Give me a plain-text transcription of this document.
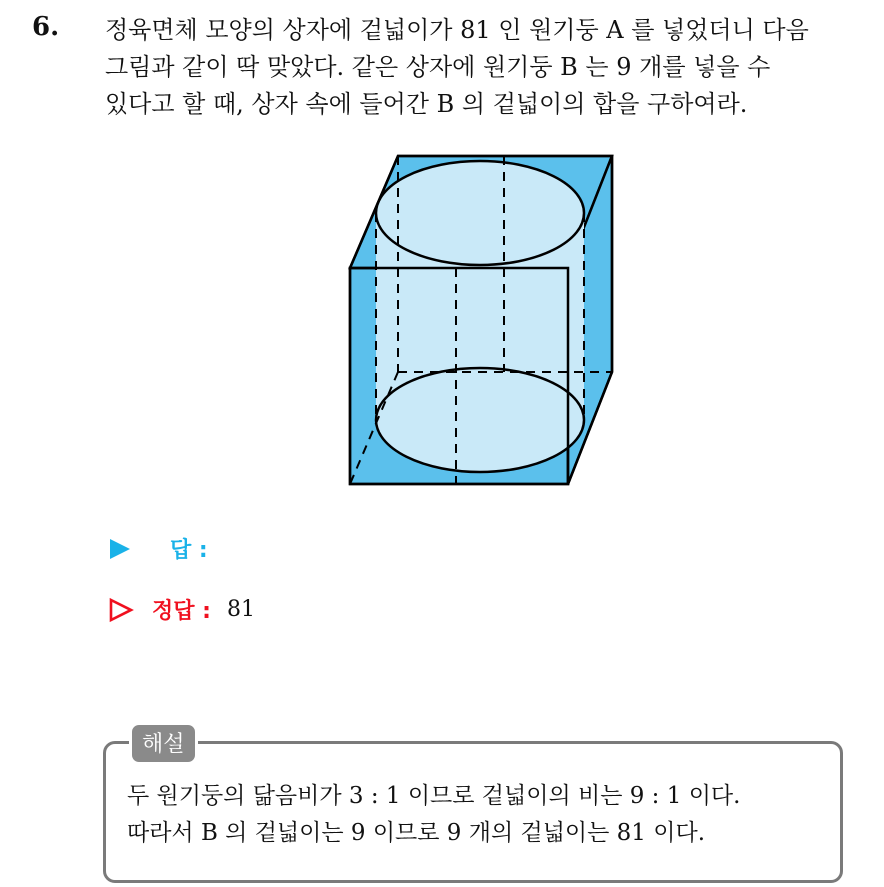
6. 정육면체 모양의 상자에 겉넓이가 81 인 원기둥 A 를 넣었더니 다음

그림과 같이 딱 맞았다. 같은 상자에 원기둥 B 는 9 개를 넣을 수

있다고 할 때, 상자 속에 들어간 B 의 겉넓이의 합을 구하여라.

답 :
정답 : 81
해설

두 원기둥의 닮음비가 3 : 1 이므로 겉넓이의 비는 9 : 1 이다.

따라서 B 의 겉넓이는 9 이므로 9 개의 겉넓이는 81 이다.
